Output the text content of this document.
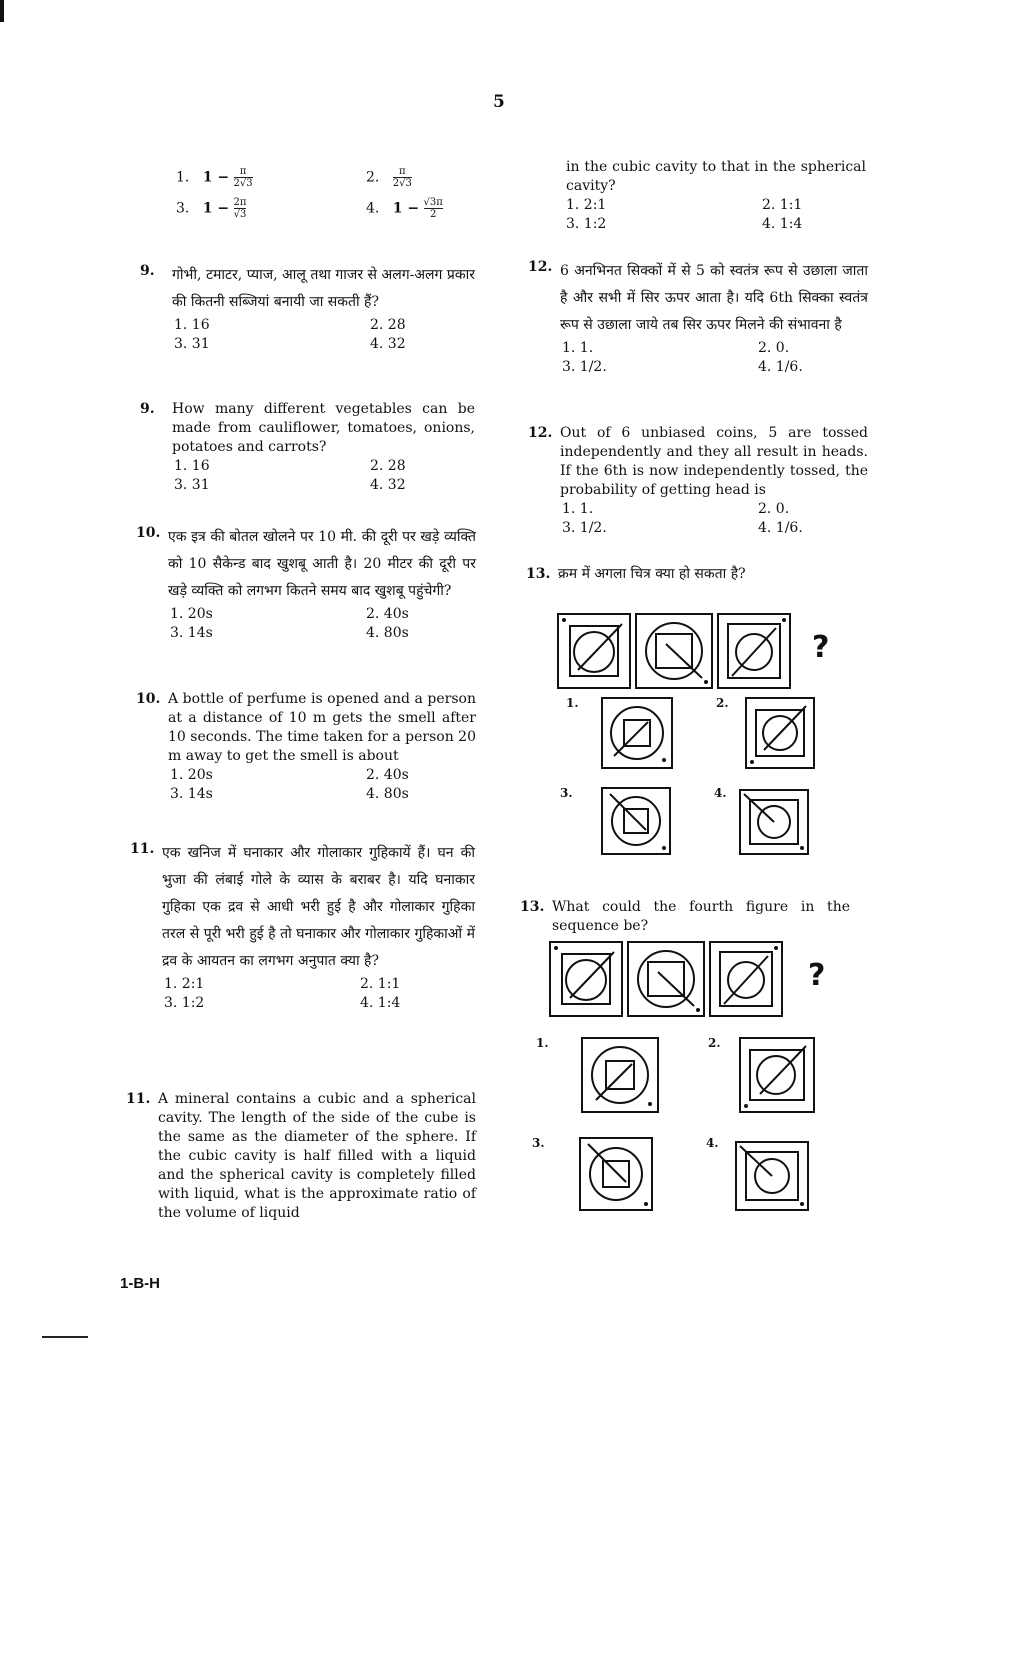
5
1. $1 - \frac{\pi}{2√3}$	2. $\frac{\pi}{2√3}$
3. $1 - \frac{2\pi}{√3}$	4. $1 - \frac{√3\pi}{2}$
9. गोभी, टमाटर, प्याज, आलू तथा गाजर से अलग-अलग प्रकार की कितनी सब्जियां बनायी जा सकती हैं?
1. 16	2. 28
3. 31	4. 32
9. How many different vegetables can be made from cauliflower, tomatoes, onions, potatoes and carrots?
1. 16	2. 28
3. 31	4. 32
10. एक इत्र की बोतल खोलने पर 10 मी. की दूरी पर खड़े व्यक्ति को 10 सैकेन्ड बाद खुशबू आती है। 20 मीटर की दूरी पर खड़े व्यक्ति को लगभग कितने समय बाद खुशबू पहुंचेगी?
1. 20s	2. 40s
3. 14s	4. 80s
10. A bottle of perfume is opened and a person at a distance of 10 m gets the smell after 10 seconds. The time taken for a person 20 m away to get the smell is about
1. 20s	2. 40s
3. 14s	4. 80s
11. एक खनिज में घनाकार और गोलाकार गुहिकायें हैं। घन की भुजा की लंबाई गोले के व्यास के बराबर है। यदि घनाकार गुहिका एक द्रव से आधी भरी हुई है और गोलाकार गुहिका तरल से पूरी भरी हुई है तो घनाकार और गोलाकार गुहिकाओं में द्रव के आयतन का लगभग अनुपात क्या है?
1. 2:1	2. 1:1
3. 1:2	4. 1:4
11. A mineral contains a cubic and a spherical cavity. The length of the side of the cube is the same as the diameter of the sphere. If the cubic cavity is half filled with a liquid and the spherical cavity is completely filled with liquid, what is the approximate ratio of the volume of liquid
in the cubic cavity to that in the spherical cavity?
1. 2:1	2. 1:1
3. 1:2	4. 1:4
12. 6 अनभिनत सिक्कों में से 5 को स्वतंत्र रूप से उछाला जाता है और सभी में सिर ऊपर आता है। यदि 6th सिक्का स्वतंत्र रूप से उछाला जाये तब सिर ऊपर मिलने की संभावना है
1. 1.	2. 0.
3. 1/2.	4. 1/6.
12. Out of 6 unbiased coins, 5 are tossed independently and they all result in heads. If the 6th is now independently tossed, the probability of getting head is
1. 1.	2. 0.
3. 1/2.	4. 1/6.
13. क्रम में अगला चित्र क्या हो सकता है?
?
1.	2.
3.	4.
13. What could the fourth figure in the sequence be?
?
1.	2.
3.	4.
1-B-H
